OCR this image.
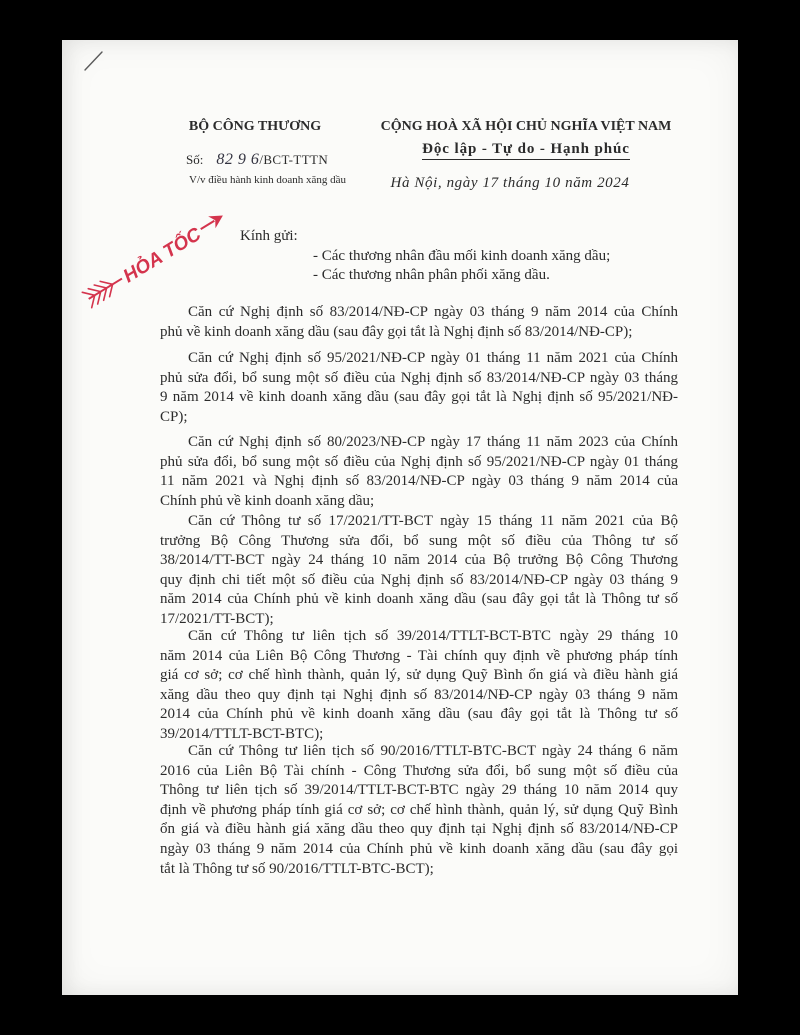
BỘ CÔNG THƯƠNG
Số: 82 9 6/BCT-TTTN
V/v điều hành kinh doanh xăng dầu
CỘNG HOÀ XÃ HỘI CHỦ NGHĨA VIỆT NAM
Độc lập - Tự do - Hạnh phúc
Hà Nội, ngày 17 tháng 10 năm 2024
HỎA TỐC Kính gửi:
- Các thương nhân đầu mối kinh doanh xăng dầu;
- Các thương nhân phân phối xăng dầu.
Căn cứ Nghị định số 83/2014/NĐ-CP ngày 03 tháng 9 năm 2014 của Chính
phủ về kinh doanh xăng dầu (sau đây gọi tắt là Nghị định số 83/2014/NĐ-CP);
Căn cứ Nghị định số 95/2021/NĐ-CP ngày 01 tháng 11 năm 2021 của Chính
phủ sửa đổi, bổ sung một số điều của Nghị định số 83/2014/NĐ-CP ngày 03 tháng
9 năm 2014 về kinh doanh xăng dầu (sau đây gọi tắt là Nghị định số 95/2021/NĐ-
CP);
Căn cứ Nghị định số 80/2023/NĐ-CP ngày 17 tháng 11 năm 2023 của Chính
phủ sửa đổi, bổ sung một số điều của Nghị định số 95/2021/NĐ-CP ngày 01 tháng
11 năm 2021 và Nghị định số 83/2014/NĐ-CP ngày 03 tháng 9 năm 2014 của
Chính phủ về kinh doanh xăng dầu;
Căn cứ Thông tư số 17/2021/TT-BCT ngày 15 tháng 11 năm 2021 của Bộ
trưởng Bộ Công Thương sửa đổi, bổ sung một số điều của Thông tư số
38/2014/TT-BCT ngày 24 tháng 10 năm 2014 của Bộ trưởng Bộ Công Thương
quy định chi tiết một số điều của Nghị định số 83/2014/NĐ-CP ngày 03 tháng 9
năm 2014 của Chính phủ về kinh doanh xăng dầu (sau đây gọi tắt là Thông tư số
17/2021/TT-BCT);
Căn cứ Thông tư liên tịch số 39/2014/TTLT-BCT-BTC ngày 29 tháng 10
năm 2014 của Liên Bộ Công Thương - Tài chính quy định về phương pháp tính
giá cơ sở; cơ chế hình thành, quản lý, sử dụng Quỹ Bình ổn giá và điều hành giá
xăng dầu theo quy định tại Nghị định số 83/2014/NĐ-CP ngày 03 tháng 9 năm
2014 của Chính phủ về kinh doanh xăng dầu (sau đây gọi tắt là Thông tư số
39/2014/TTLT-BCT-BTC);
Căn cứ Thông tư liên tịch số 90/2016/TTLT-BTC-BCT ngày 24 tháng 6 năm
2016 của Liên Bộ Tài chính - Công Thương sửa đổi, bổ sung một số điều của
Thông tư liên tịch số 39/2014/TTLT-BCT-BTC ngày 29 tháng 10 năm 2014 quy
định về phương pháp tính giá cơ sở; cơ chế hình thành, quản lý, sử dụng Quỹ Bình
ổn giá và điều hành giá xăng dầu theo quy định tại Nghị định số 83/2014/NĐ-CP
ngày 03 tháng 9 năm 2014 của Chính phủ về kinh doanh xăng dầu (sau đây gọi
tắt là Thông tư số 90/2016/TTLT-BTC-BCT);
